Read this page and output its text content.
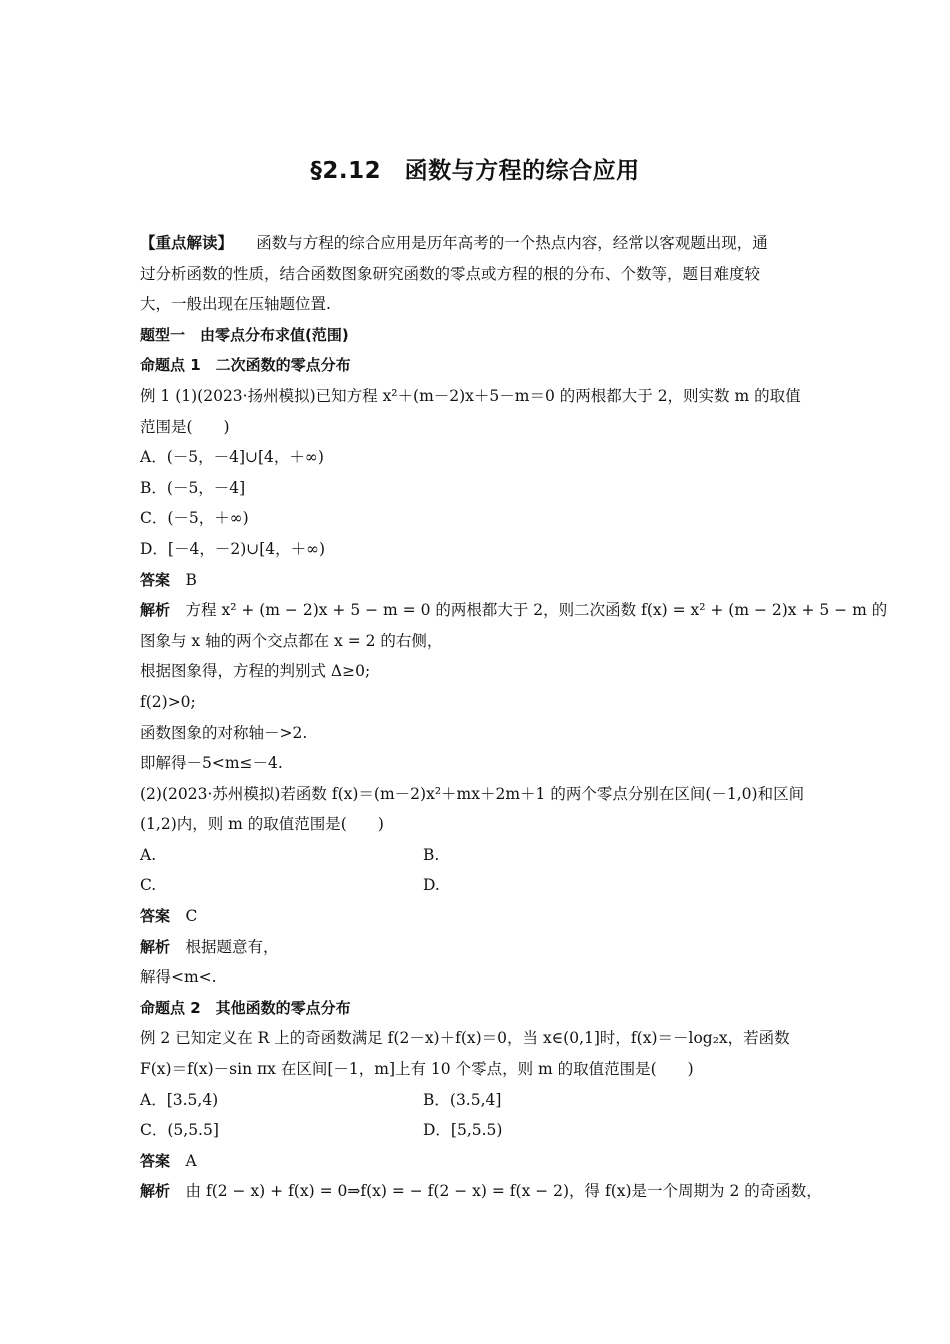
§2.12　函数与方程的综合应用
【重点解读】　　函数与方程的综合应用是历年高考的一个热点内容，经常以客观题出现，通
过分析函数的性质，结合函数图象研究函数的零点或方程的根的分布、个数等，题目难度较
大，一般出现在压轴题位置.
题型一　由零点分布求值(范围)
命题点 1　二次函数的零点分布
例 1 (1)(2023·扬州模拟)已知方程 x²＋(m－2)x＋5－m＝0 的两根都大于 2，则实数 m 的取值
范围是(　　)
A．(－5，－4]∪[4，＋∞)
B．(－5，－4]
C．(－5，＋∞)
D．[－4，－2)∪[4，＋∞)
答案　 B
解析　 方程 x² + (m − 2)x + 5 − m = 0 的两根都大于 2，则二次函数 f(x) = x² + (m − 2)x + 5 − m 的
图象与 x 轴的两个交点都在 x = 2 的右侧，
根据图象得，方程的判别式 Δ≥0;
f(2)>0;
函数图象的对称轴－>2.
即解得－5<m≤－4.
(2)(2023·苏州模拟)若函数 f(x)＝(m－2)x²＋mx＋2m＋1 的两个零点分别在区间(－1,0)和区间
(1,2)内，则 m 的取值范围是(　　)
A.	B.
C.	D.
答案　 C
解析　 根据题意有，
解得<m<.
命题点 2　其他函数的零点分布
例 2 已知定义在 R 上的奇函数满足 f(2－x)＋f(x)＝0，当 x∈(0,1]时，f(x)＝－log₂x，若函数
F(x)＝f(x)－sin πx 在区间[－1，m]上有 10 个零点，则 m 的取值范围是(　　)
A．[3.5,4)	B．(3.5,4]
C．(5,5.5]	D．[5,5.5)
答案　 A
解析　 由 f(2 − x) + f(x) = 0⇒f(x) = − f(2 − x) = f(x − 2)，得 f(x)是一个周期为 2 的奇函数，
